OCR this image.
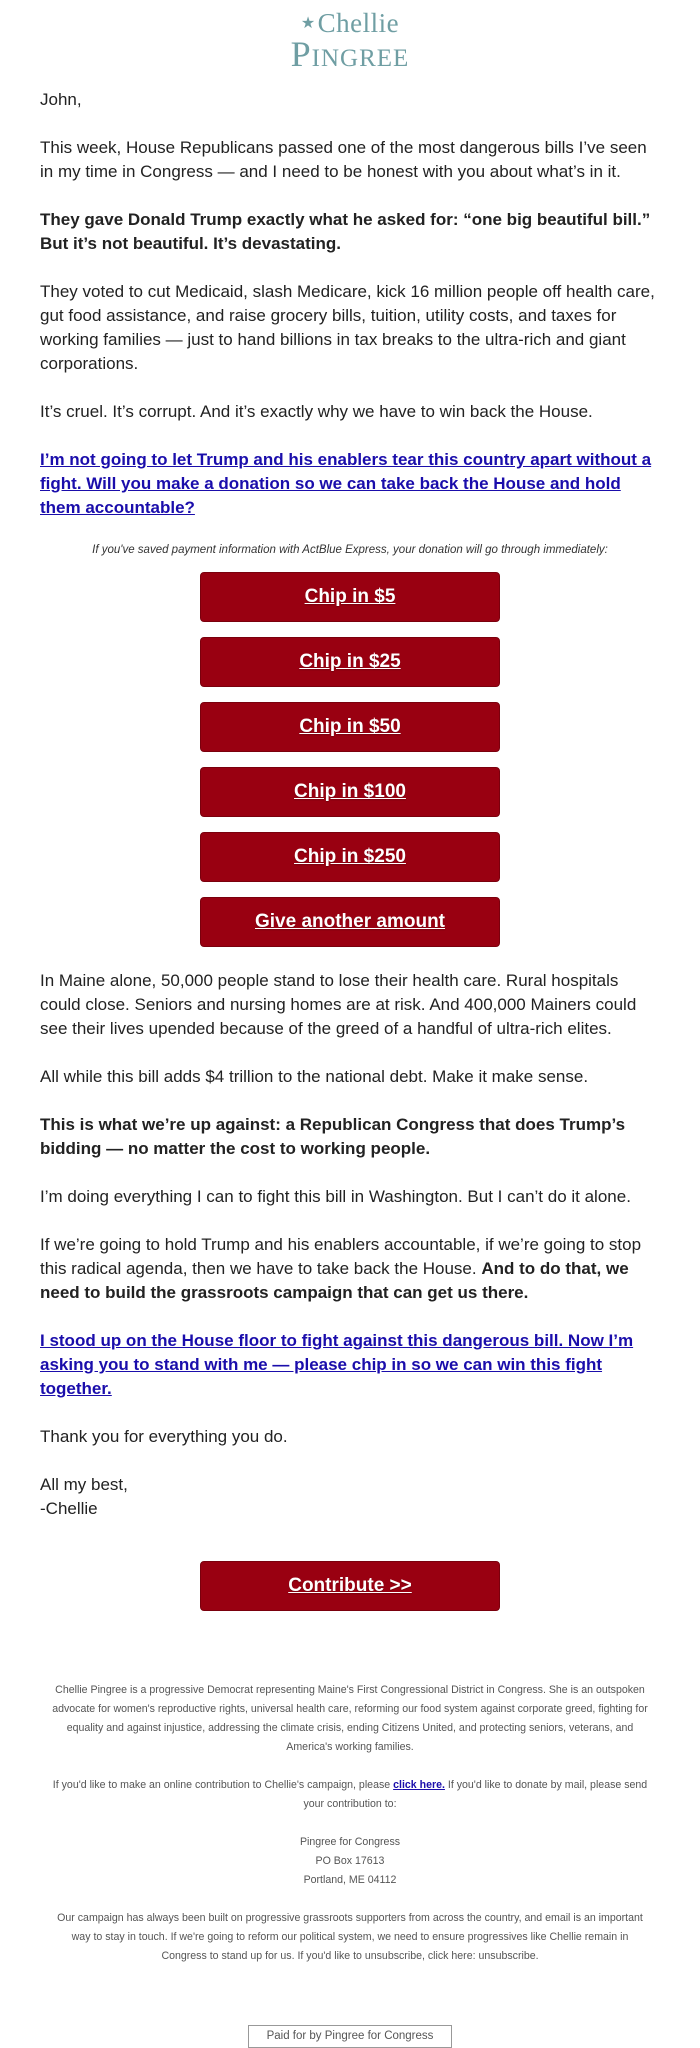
★Chellie
Pingree

John,

This week, House Republicans passed one of the most dangerous bills I’ve seen in my time in Congress — and I need to be honest with you about what’s in it.

They gave Donald Trump exactly what he asked for: “one big beautiful bill.” But it’s not beautiful. It’s devastating.

They voted to cut Medicaid, slash Medicare, kick 16 million people off health care, gut food assistance, and raise grocery bills, tuition, utility costs, and taxes for working families — just to hand billions in tax breaks to the ultra-rich and giant corporations.

It’s cruel. It’s corrupt. And it’s exactly why we have to win back the House.

I’m not going to let Trump and his enablers tear this country apart without a fight. Will you make a donation so we can take back the House and hold them accountable?

If you've saved payment information with ActBlue Express, your donation will go through immediately:

Chip in $5
Chip in $25
Chip in $50
Chip in $100
Chip in $250
Give another amount

In Maine alone, 50,000 people stand to lose their health care. Rural hospitals could close. Seniors and nursing homes are at risk. And 400,000 Mainers could see their lives upended because of the greed of a handful of ultra-rich elites.

All while this bill adds $4 trillion to the national debt. Make it make sense.

This is what we’re up against: a Republican Congress that does Trump’s bidding — no matter the cost to working people.

I’m doing everything I can to fight this bill in Washington. But I can’t do it alone.

If we’re going to hold Trump and his enablers accountable, if we’re going to stop this radical agenda, then we have to take back the House. And to do that, we need to build the grassroots campaign that can get us there.

I stood up on the House floor to fight against this dangerous bill. Now I’m asking you to stand with me — please chip in so we can win this fight together.

Thank you for everything you do.

All my best,
-Chellie

Contribute >>

Chellie Pingree is a progressive Democrat representing Maine's First Congressional District in Congress. She is an outspoken advocate for women's reproductive rights, universal health care, reforming our food system against corporate greed, fighting for equality and against injustice, addressing the climate crisis, ending Citizens United, and protecting seniors, veterans, and America's working families.

If you'd like to make an online contribution to Chellie's campaign, please click here. If you'd like to donate by mail, please send your contribution to:

Pingree for Congress
PO Box 17613
Portland, ME 04112

Our campaign has always been built on progressive grassroots supporters from across the country, and email is an important way to stay in touch. If we're going to reform our political system, we need to ensure progressives like Chellie remain in Congress to stand up for us. If you'd like to unsubscribe, click here: unsubscribe.

Paid for by Pingree for Congress
